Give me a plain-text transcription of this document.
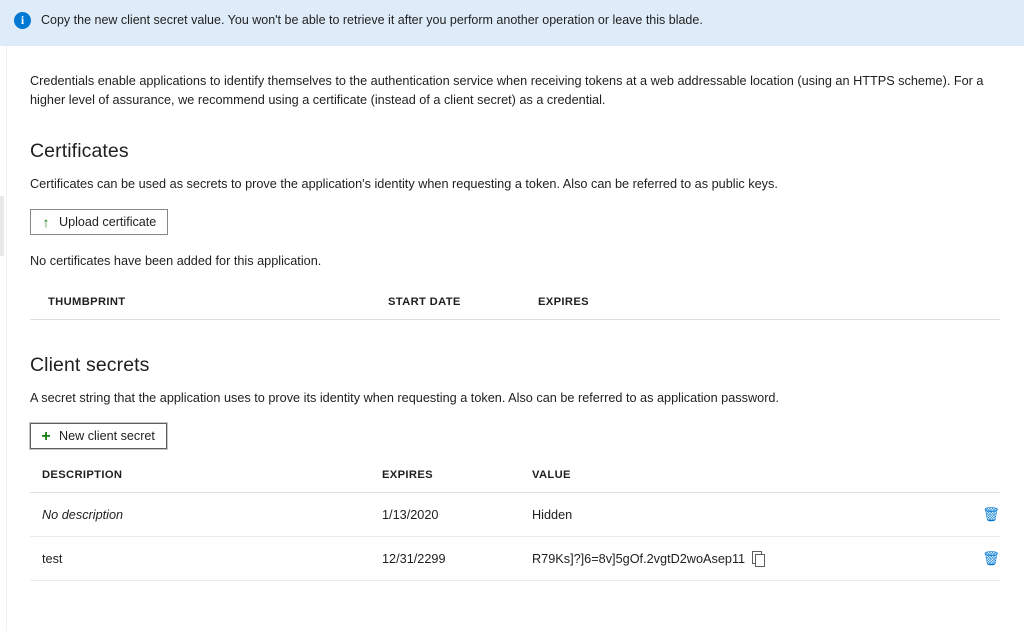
i	Copy the new client secret value. You won't be able to retrieve it after you perform another operation or leave this blade.

Credentials enable applications to identify themselves to the authentication service when receiving tokens at a web addressable location (using an HTTPS scheme). For a higher level of assurance, we recommend using a certificate (instead of a client secret) as a credential.

Certificates

Certificates can be used as secrets to prove the application's identity when requesting a token. Also can be referred to as public keys.

↑ Upload certificate

No certificates have been added for this application.

THUMBPRINT	START DATE	EXPIRES
Client secrets

A secret string that the application uses to prove its identity when requesting a token. Also can be referred to as application password.

+ New client secret
DESCRIPTION	EXPIRES	VALUE	
No description	1/13/2020	Hidden	🗑
test	12/31/2299	R79Ks]?]6=8v]5gOf.2vgtD2woAsep11	🗑
